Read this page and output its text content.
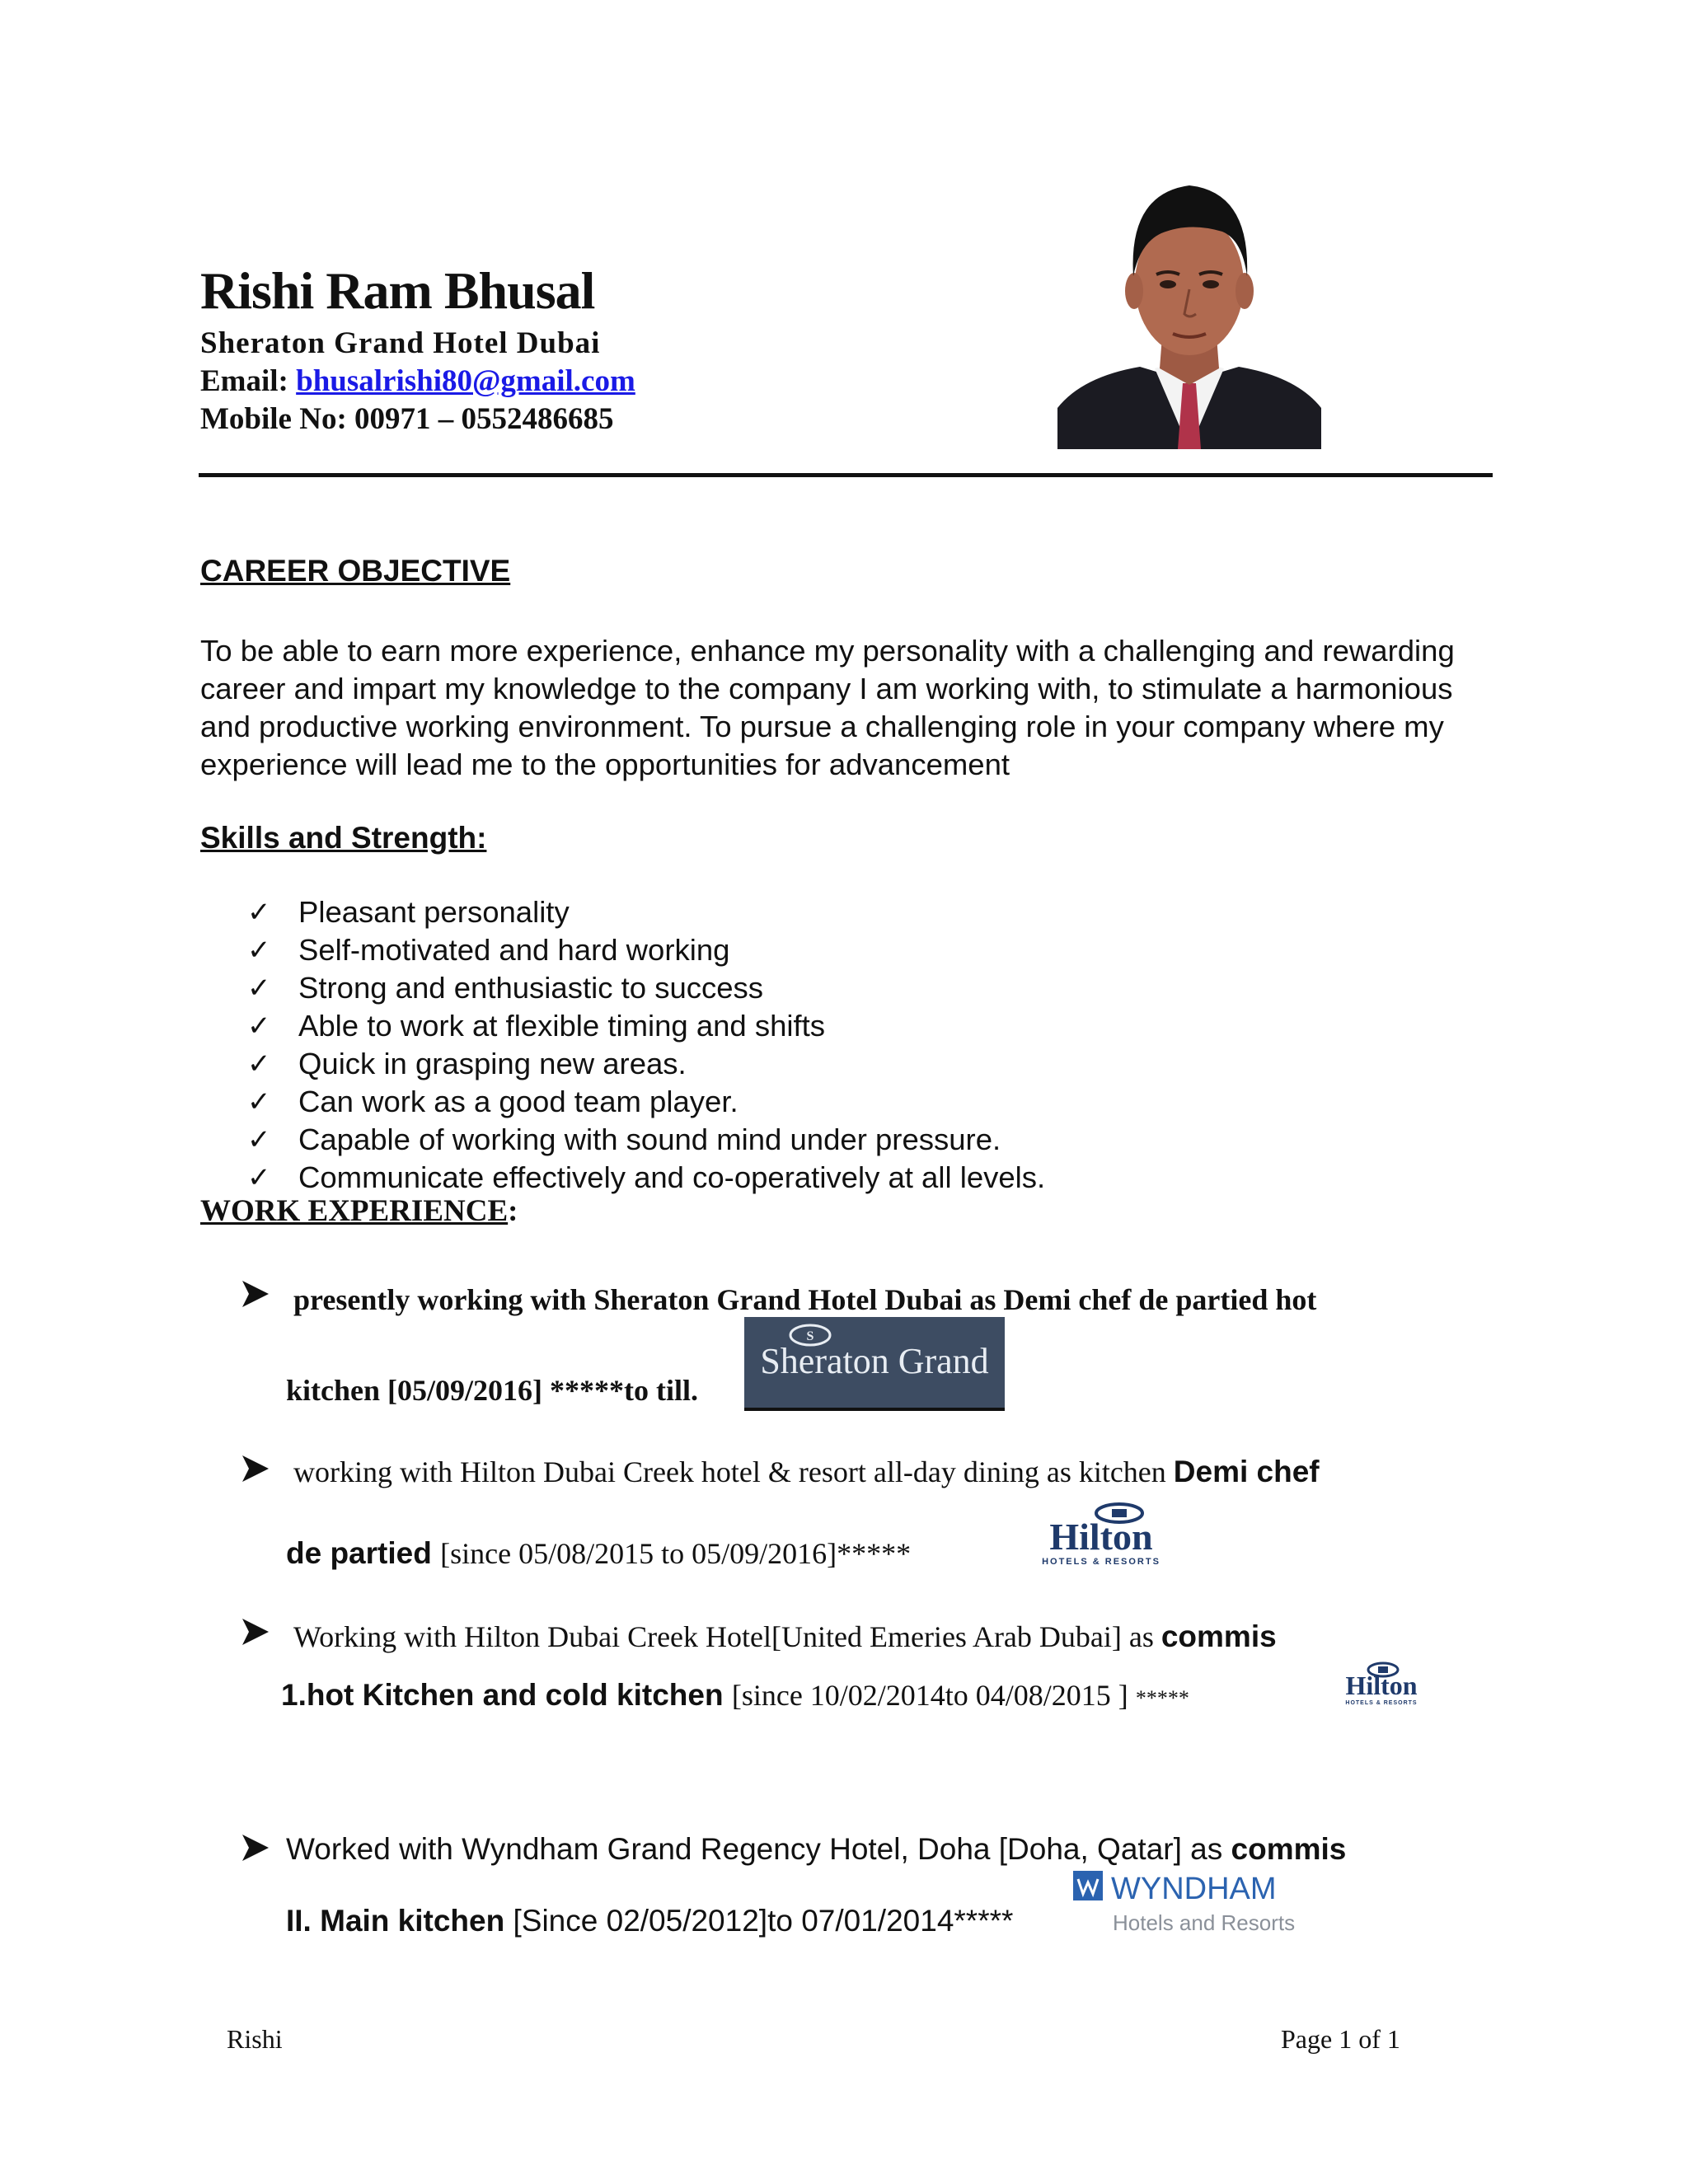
Rishi Ram Bhusal
Sheraton Grand Hotel Dubai
Email: bhusalrishi80@gmail.com
Mobile No: 00971 – 0552486685
CAREER OBJECTIVE
To be able to earn more experience, enhance my personality with a challenging and rewarding career and impart my knowledge to the company I am working with, to stimulate a harmonious and productive working environment. To pursue a challenging role in your company where my experience will lead me to the opportunities for advancement
Skills and Strength:
✓ Pleasant personality
✓ Self-motivated and hard working
✓ Strong and enthusiastic to success
✓ Able to work at flexible timing and shifts
✓ Quick in grasping new areas.
✓ Can work as a good team player.
✓ Capable of working with sound mind under pressure.
✓ Communicate effectively and co-operatively at all levels.
WORK EXPERIENCE:
presently working with Sheraton Grand Hotel Dubai as Demi chef de partied hot
kitchen [05/09/2016] *****to till.
S
Sheraton Grand
working with Hilton Dubai Creek hotel & resort all-day dining as kitchen Demi chef
de partied [since 05/08/2015 to 05/09/2016]*****	Hilton
HOTELS & RESORTS
Working with Hilton Dubai Creek Hotel[United Emeries Arab Dubai] as commis
1.hot Kitchen and cold kitchen [since 10/02/2014to 04/08/2015 ] *****	Hilton
HOTELS & RESORTS
Worked with Wyndham Grand Regency Hotel, Doha [Doha, Qatar] as commis
II. Main kitchen [Since 02/05/2012]to 07/01/2014*****
WYNDHAM
Hotels and Resorts
Rishi	Page 1 of 1
